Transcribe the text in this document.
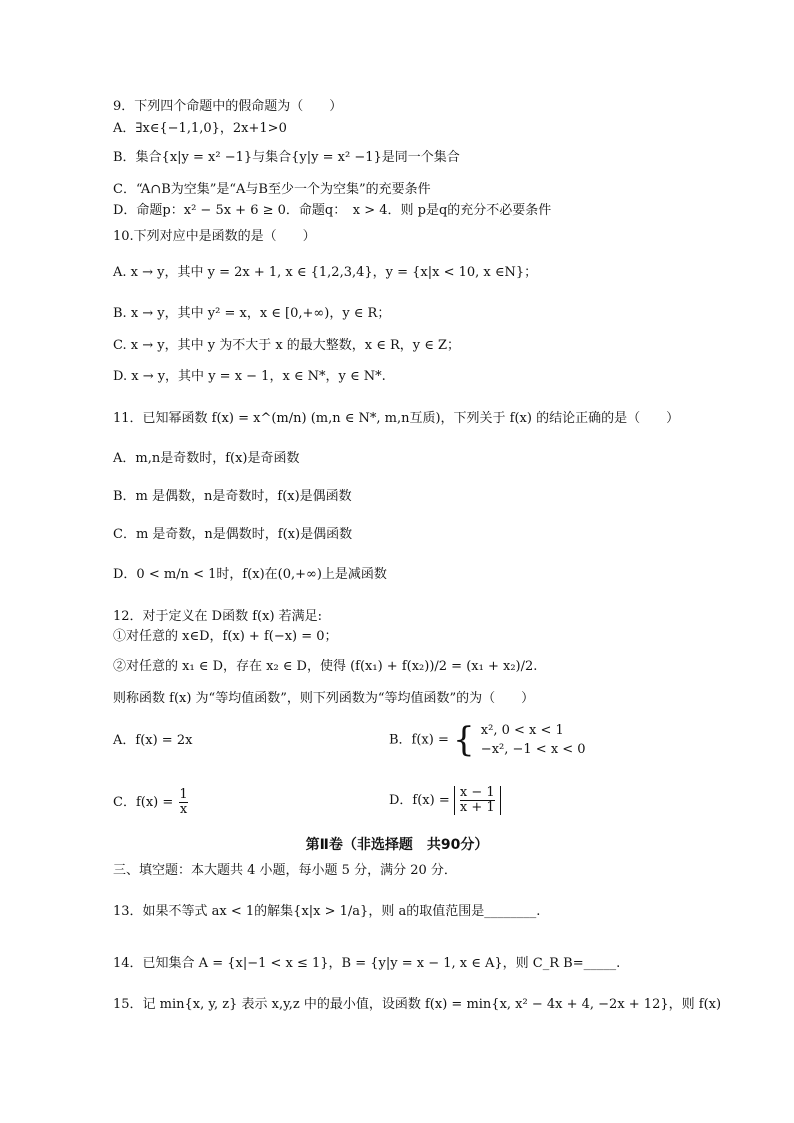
9．下列四个命题中的假命题为（　　）
A．∃x∈{−1,1,0}，2x+1>0
B．集合{x|y = x² −1}与集合{y|y = x² −1}是同一个集合
C．“A∩B为空集”是“A与B至少一个为空集”的充要条件
D．命题p：x² − 5x + 6 ≥ 0．命题q：　x > 4．则 p是q的充分不必要条件
10.下列对应中是函数的是（　　）
A. x → y，其中 y = 2x + 1, x ∈ {1,2,3,4}，y = {x|x < 10, x ∈N}；
B. x → y，其中 y² = x，x ∈ [0,+∞)，y ∈ R；
C. x → y，其中 y 为不大于 x 的最大整数，x ∈ R，y ∈ Z；
D. x → y，其中 y = x − 1，x ∈ N*，y ∈ N*.
11．已知幂函数 f(x) = x^(m/n) (m,n ∈ N*, m,n互质)，下列关于 f(x) 的结论正确的是（　　）
A．m,n是奇数时，f(x)是奇函数
B．m 是偶数，n是奇数时，f(x)是偶函数
C．m 是奇数，n是偶数时，f(x)是偶函数
D．0 < m/n < 1时，f(x)在(0,+∞)上是减函数
12．对于定义在 D函数 f(x) 若满足:
①对任意的 x∈D，f(x) + f(−x) = 0；
②对任意的 x₁ ∈ D，存在 x₂ ∈ D，使得 (f(x₁) + f(x₂))/2 = (x₁ + x₂)/2.
则称函数 f(x) 为“等均值函数”，则下列函数为“等均值函数”的为（　　）
A．f(x) = 2x	B．f(x) = { x², 0 < x < 1
−x², −1 < x < 0
C．$f(x) = \frac{1}{x}$	D．$f(x) = \frac{x - 1}{x + 1}$
第Ⅱ卷（非选择题　共90分）
三、填空题：本大题共 4 小题，每小题 5 分，满分 20 分．
13．如果不等式 ax < 1的解集{x|x > 1/a}，则 a的取值范围是________.
14．已知集合 A = {x|−1 < x ≤ 1}，B = {y|y = x − 1, x ∈ A}，则 C_R B=_____.
15．记 min{x, y, z} 表示 x,y,z 中的最小值，设函数 f(x) = min{x, x² − 4x + 4, −2x + 12}，则 f(x)
